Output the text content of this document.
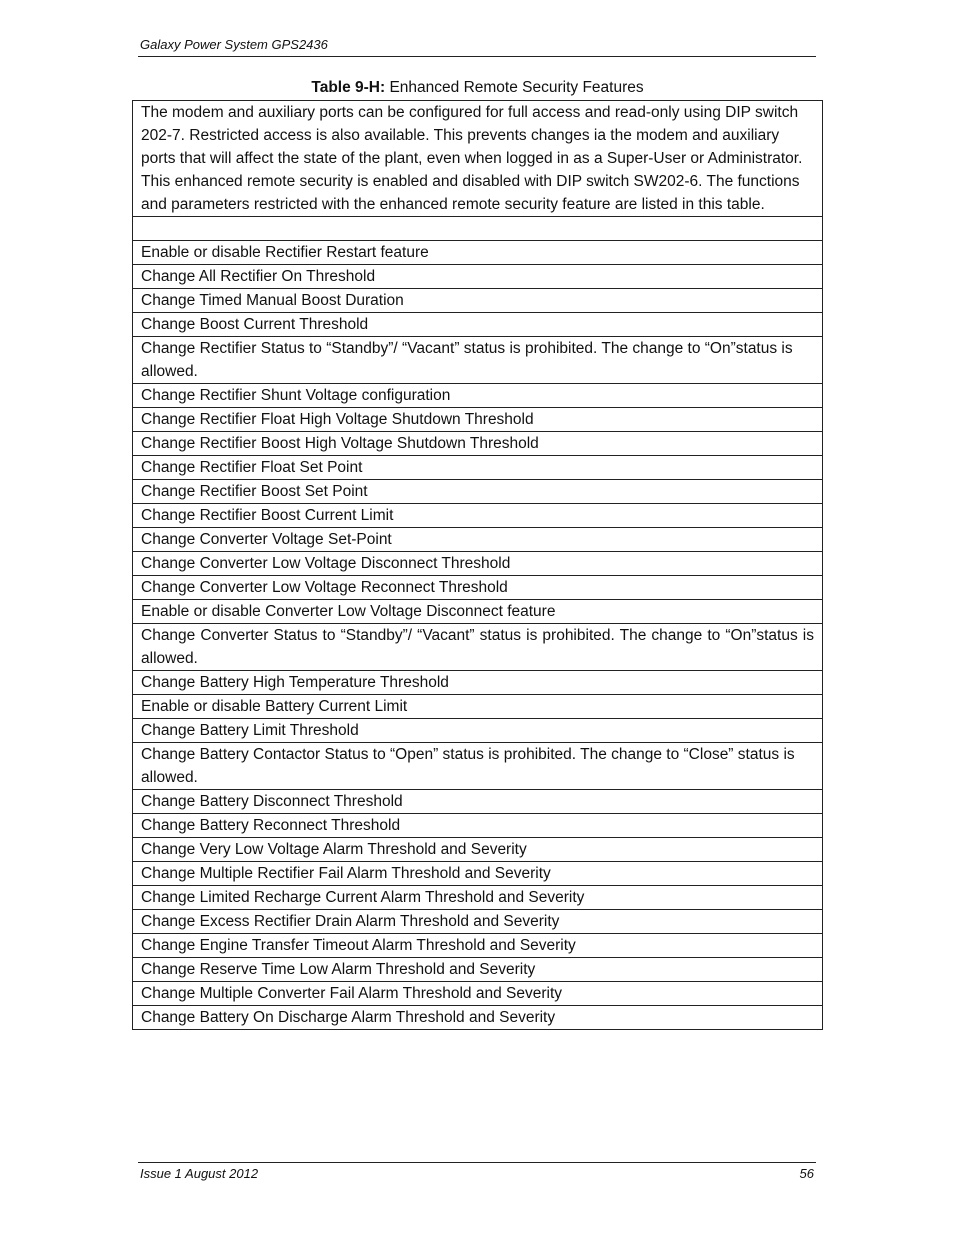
Galaxy Power System GPS2436
Table 9-H: Enhanced Remote Security Features
The modem and auxiliary ports can be configured for full access and read-only using DIP switch 202-7. Restricted access is also available. This prevents changes ia the modem and auxiliary ports that will affect the state of the plant, even when logged in as a Super-User or Administrator. This enhanced remote security is enabled and disabled with DIP switch SW202-6. The functions and parameters restricted with the enhanced remote security feature are listed in this table.

Enable or disable Rectifier Restart feature
Change All Rectifier On Threshold
Change Timed Manual Boost Duration
Change Boost Current Threshold
Change Rectifier Status to “Standby”/ “Vacant” status is prohibited. The change to “On”status is allowed.
Change Rectifier Shunt Voltage configuration
Change Rectifier Float High Voltage Shutdown Threshold
Change Rectifier Boost High Voltage Shutdown Threshold
Change Rectifier Float Set Point
Change Rectifier Boost Set Point
Change Rectifier Boost Current Limit
Change Converter Voltage Set-Point
Change Converter Low Voltage Disconnect Threshold
Change Converter Low Voltage Reconnect Threshold
Enable or disable Converter Low Voltage Disconnect feature
Change Converter Status to “Standby”/ “Vacant” status is prohibited. The change to “On”status is allowed.
Change Battery High Temperature Threshold
Enable or disable Battery Current Limit
Change Battery Limit Threshold
Change Battery Contactor Status to “Open” status is prohibited. The change to “Close” status is allowed.
Change Battery Disconnect Threshold
Change Battery Reconnect Threshold
Change Very Low Voltage Alarm Threshold and Severity
Change Multiple Rectifier Fail Alarm Threshold and Severity
Change Limited Recharge Current Alarm Threshold and Severity
Change Excess Rectifier Drain Alarm Threshold and Severity
Change Engine Transfer Timeout Alarm Threshold and Severity
Change Reserve Time Low Alarm Threshold and Severity
Change Multiple Converter Fail Alarm Threshold and Severity
Change Battery On Discharge Alarm Threshold and Severity
Issue 1 August 2012	56
